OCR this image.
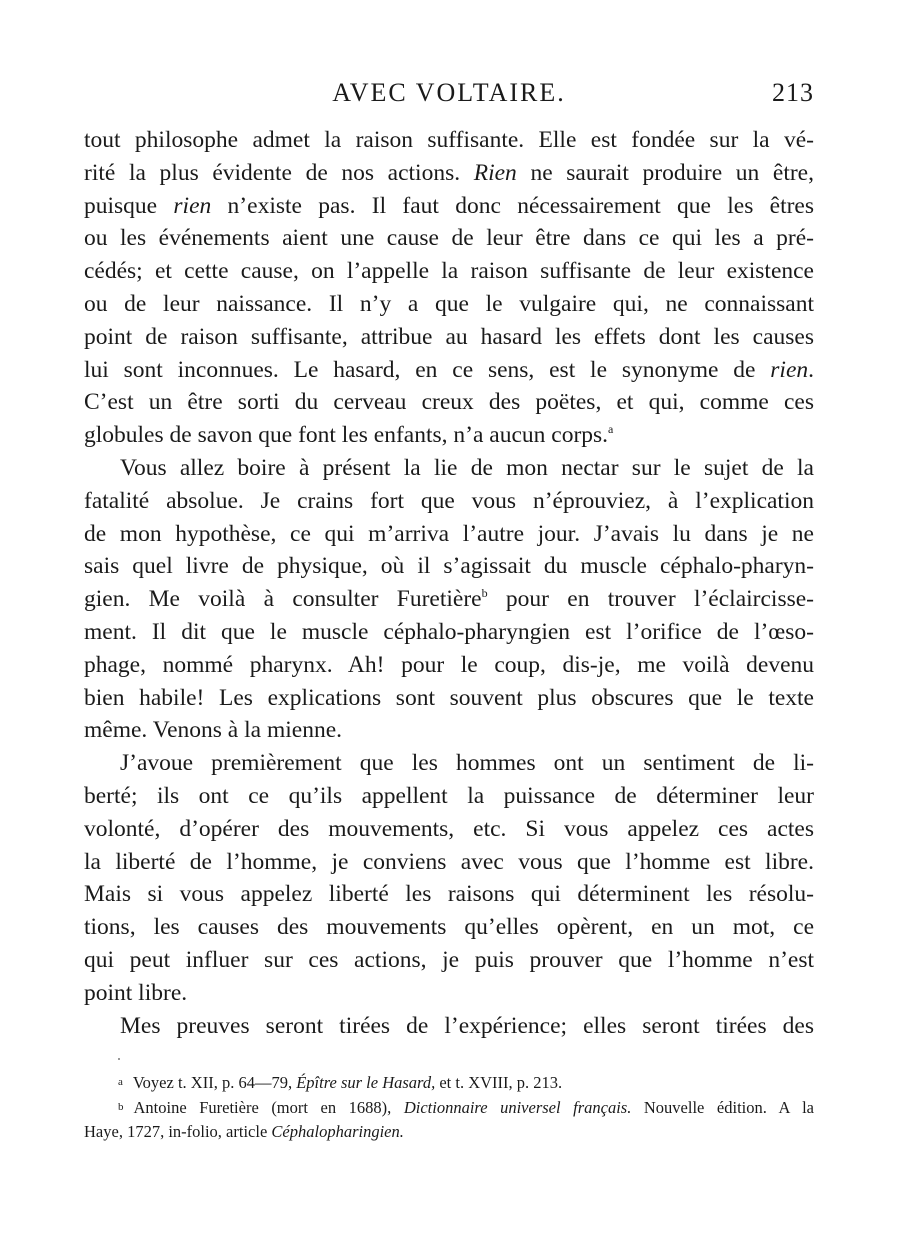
AVEC VOLTAIRE.	213
tout philosophe admet la raison suffisante. Elle est fondée sur la vé-
rité la plus évidente de nos actions. Rien ne saurait produire un être,
puisque rien n’existe pas. Il faut donc nécessairement que les êtres
ou les événements aient une cause de leur être dans ce qui les a pré-
cédés; et cette cause, on l’appelle la raison suffisante de leur existence
ou de leur naissance. Il n’y a que le vulgaire qui, ne connaissant
point de raison suffisante, attribue au hasard les effets dont les causes
lui sont inconnues. Le hasard, en ce sens, est le synonyme de rien.
C’est un être sorti du cerveau creux des poëtes, et qui, comme ces
globules de savon que font les enfants, n’a aucun corps.$^a$
Vous allez boire à présent la lie de mon nectar sur le sujet de la
fatalité absolue. Je crains fort que vous n’éprouviez, à l’explication
de mon hypothèse, ce qui m’arriva l’autre jour. J’avais lu dans je ne
sais quel livre de physique, où il s’agissait du muscle céphalo-pharyn-
gien. Me voilà à consulter Furetière$^b$ pour en trouver l’éclaircisse-
ment. Il dit que le muscle céphalo-pharyngien est l’orifice de l’œso-
phage, nommé pharynx. Ah! pour le coup, dis-je, me voilà devenu
bien habile! Les explications sont souvent plus obscures que le texte
même. Venons à la mienne.
J’avoue premièrement que les hommes ont un sentiment de li-
berté; ils ont ce qu’ils appellent la puissance de déterminer leur
volonté, d’opérer des mouvements, etc. Si vous appelez ces actes
la liberté de l’homme, je conviens avec vous que l’homme est libre.
Mais si vous appelez liberté les raisons qui déterminent les résolu-
tions, les causes des mouvements qu’elles opèrent, en un mot, ce
qui peut influer sur ces actions, je puis prouver que l’homme n’est
point libre.
Mes preuves seront tirées de l’expérience; elles seront tirées des
a Voyez t. XII, p. 64—79, Épître sur le Hasard, et t. XVIII, p. 213.
b Antoine Furetière (mort en 1688), Dictionnaire universel français. Nouvelle édition. A la
Haye, 1727, in-folio, article Céphalopharingien.
